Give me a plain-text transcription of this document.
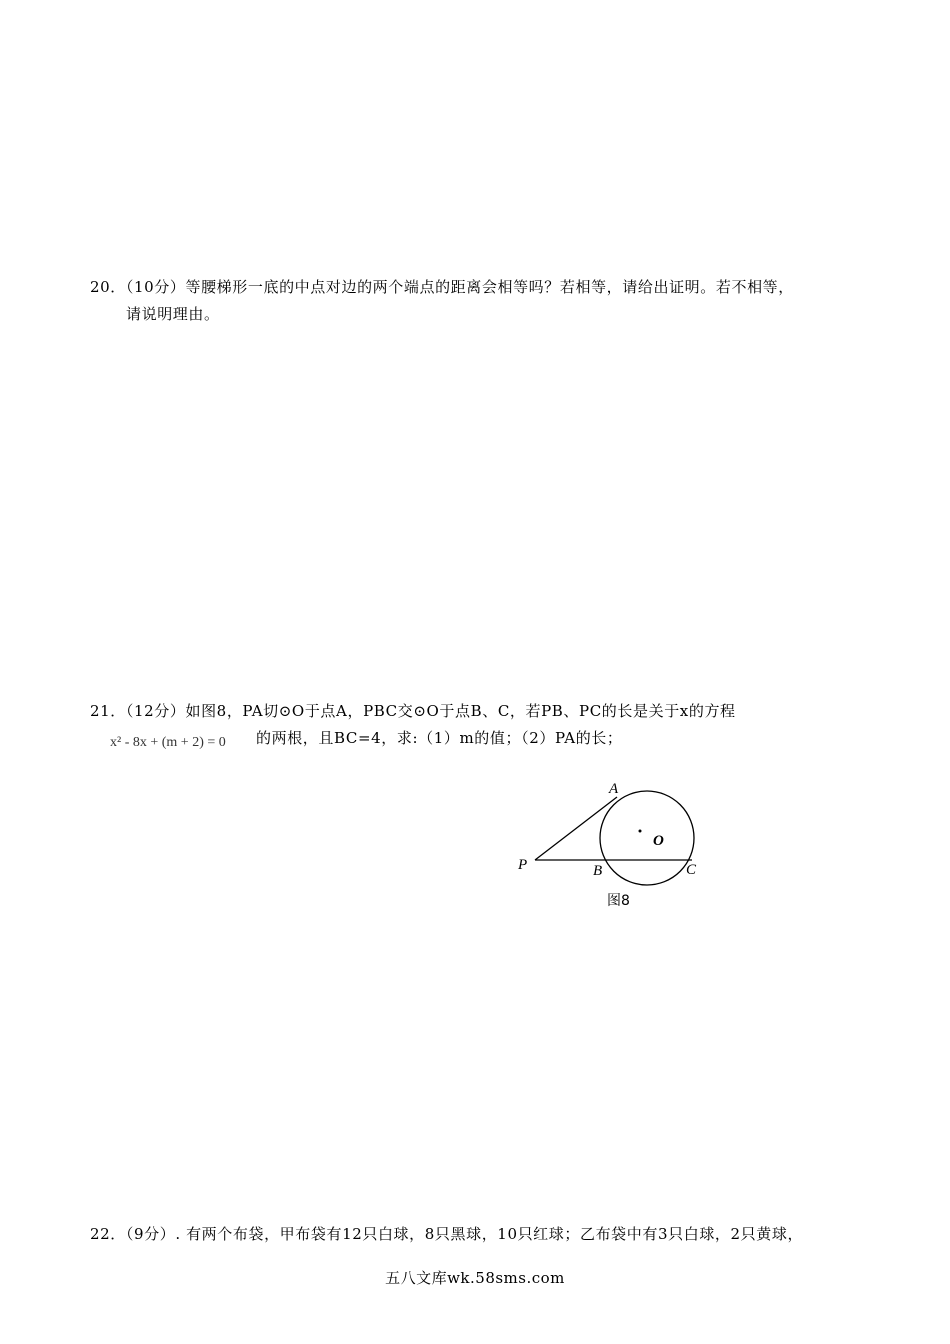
20．（10分）等腰梯形一底的中点对边的两个端点的距离会相等吗？若相等，请给出证明。若不相等，
请说明理由。
21．（12分）如图8，PA切⊙O于点A，PBC交⊙O于点B、C，若PB、PC的长是关于x的方程
x² - 8x + (m + 2) = 0 的两根，且BC=4，求:（1）m的值；（2）PA的长；
A
O
P	B	C
图8
22．（9分）. 有两个布袋，甲布袋有12只白球，8只黑球，10只红球；乙布袋中有3只白球，2只黄球，
五八文库wk.58sms.com
